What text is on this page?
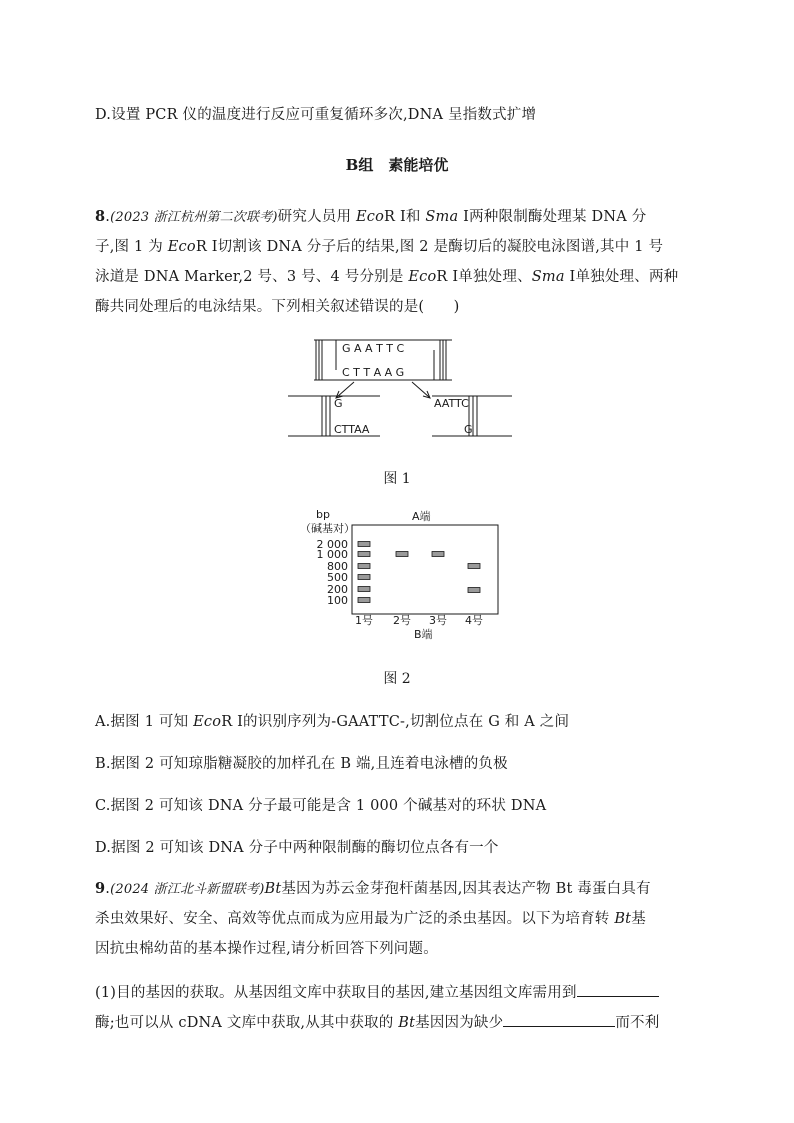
D.设置 PCR 仪的温度进行反应可重复循环多次,DNA 呈指数式扩增
B组　素能培优
8.(2023 浙江杭州第二次联考)研究人员用 EcoR Ⅰ和 Sma Ⅰ两种限制酶处理某 DNA 分
子,图 1 为 EcoR Ⅰ切割该 DNA 分子后的结果,图 2 是酶切后的凝胶电泳图谱,其中 1 号
泳道是 DNA Marker,2 号、3 号、4 号分别是 EcoR Ⅰ单独处理、Sma Ⅰ单独处理、两种
酶共同处理后的电泳结果。下列相关叙述错误的是(　　)
G A A T T C
C T T A A G
G
CTTAA
AATTC
G
图 1
bp
（碱基对）
A端
2 000
1 000
800
500
200
100
1号 2号 3号 4号
B端
图 2
A.据图 1 可知 EcoR Ⅰ的识别序列为-GAATTC-,切割位点在 G 和 A 之间
B.据图 2 可知琼脂糖凝胶的加样孔在 B 端,且连着电泳槽的负极
C.据图 2 可知该 DNA 分子最可能是含 1 000 个碱基对的环状 DNA
D.据图 2 可知该 DNA 分子中两种限制酶的酶切位点各有一个
9.(2024 浙江北斗新盟联考)Bt基因为苏云金芽孢杆菌基因,因其表达产物 Bt 毒蛋白具有
杀虫效果好、安全、高效等优点而成为应用最为广泛的杀虫基因。以下为培育转 Bt基
因抗虫棉幼苗的基本操作过程,请分析回答下列问题。
(1)目的基因的获取。从基因组文库中获取目的基因,建立基因组文库需用到
酶;也可以从 cDNA 文库中获取,从其中获取的 Bt基因因为缺少	而不利
